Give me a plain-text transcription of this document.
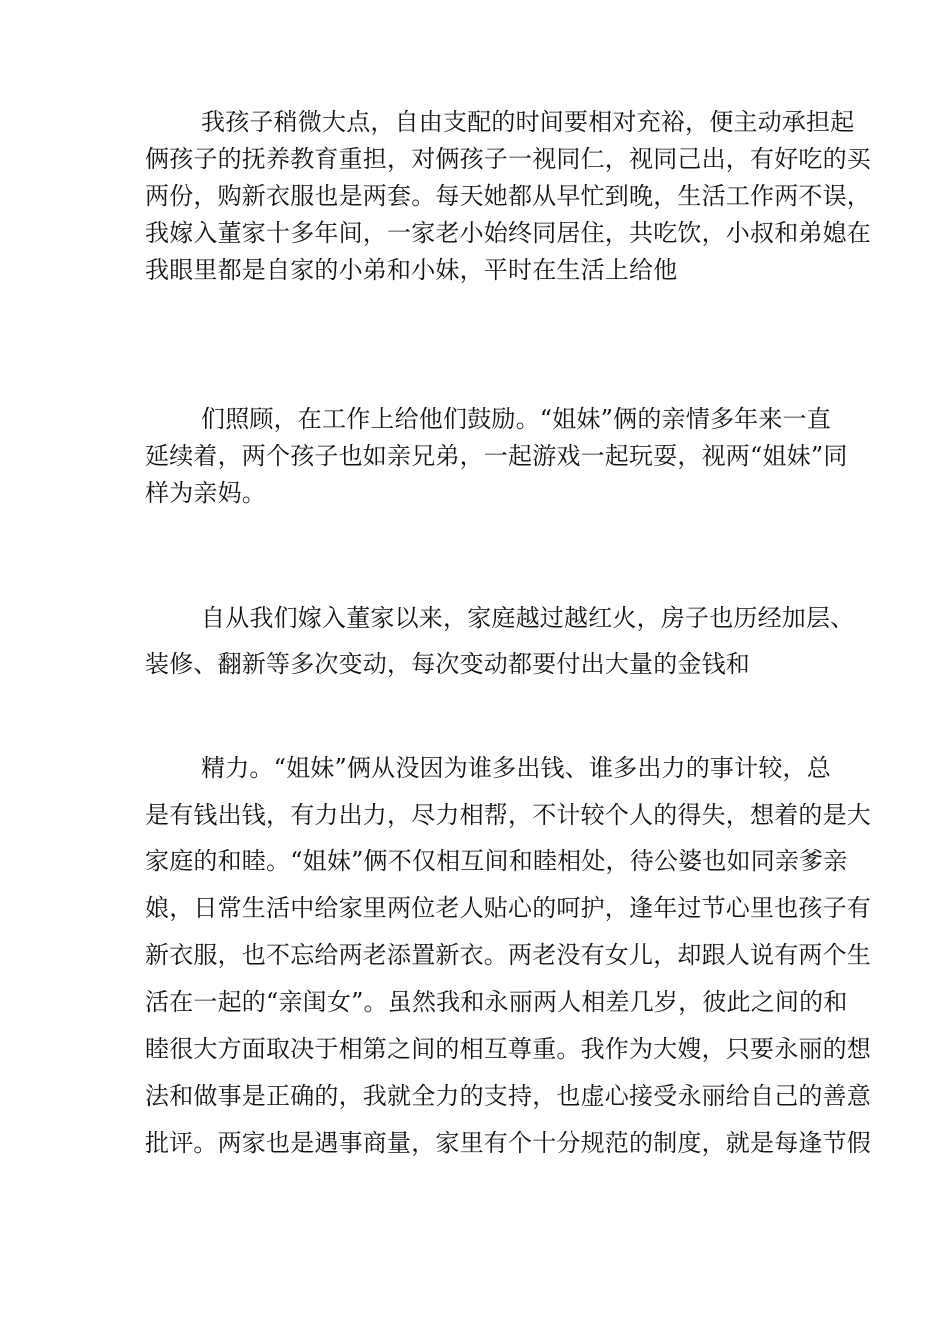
我孩子稍微大点，自由支配的时间要相对充裕，便主动承担起
俩孩子的抚养教育重担，对俩孩子一视同仁，视同己出，有好吃的买
两份，购新衣服也是两套。每天她都从早忙到晚，生活工作两不误，
我嫁入董家十多年间，一家老小始终同居住，共吃饮，小叔和弟媳在
我眼里都是自家的小弟和小妹，平时在生活上给他
们照顾，在工作上给他们鼓励。“姐妹”俩的亲情多年来一直
延续着，两个孩子也如亲兄弟，一起游戏一起玩耍，视两“姐妹”同
样为亲妈。
自从我们嫁入董家以来，家庭越过越红火，房子也历经加层、
装修、翻新等多次变动，每次变动都要付出大量的金钱和
精力。“姐妹”俩从没因为谁多出钱、谁多出力的事计较，总
是有钱出钱，有力出力，尽力相帮，不计较个人的得失，想着的是大
家庭的和睦。“姐妹”俩不仅相互间和睦相处，待公婆也如同亲爹亲
娘，日常生活中给家里两位老人贴心的呵护，逢年过节心里也孩子有
新衣服，也不忘给两老添置新衣。两老没有女儿，却跟人说有两个生
活在一起的“亲闺女”。虽然我和永丽两人相差几岁，彼此之间的和
睦很大方面取决于相第之间的相互尊重。我作为大嫂，只要永丽的想
法和做事是正确的，我就全力的支持，也虚心接受永丽给自己的善意
批评。两家也是遇事商量，家里有个十分规范的制度，就是每逢节假
